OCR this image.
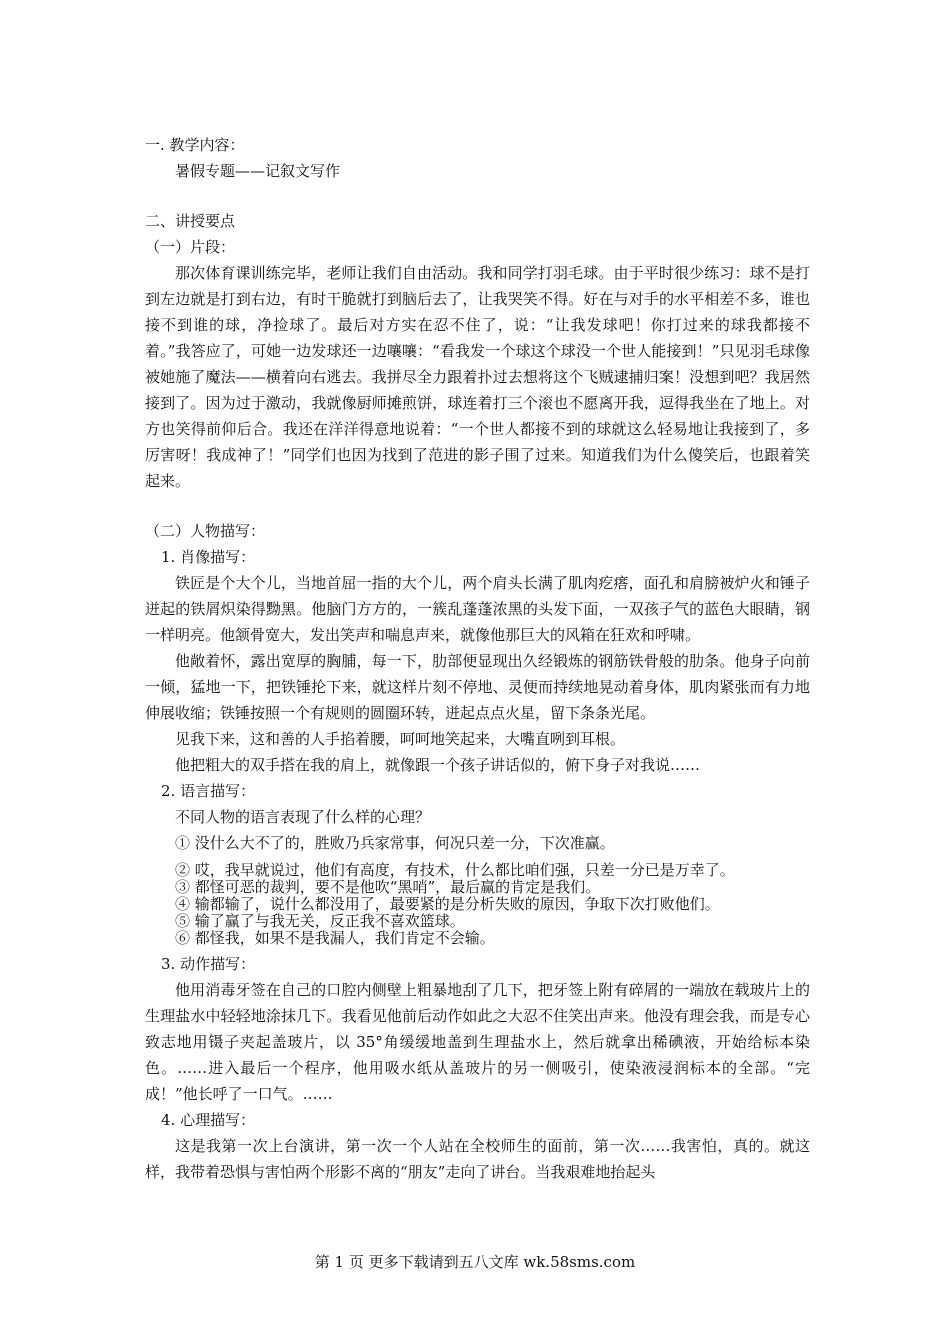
一. 教学内容：
暑假专题——记叙文写作
二、讲授要点
（一）片段：
那次体育课训练完毕，老师让我们自由活动。我和同学打羽毛球。由于平时很少练习：球不是打到左边就是打到右边，有时干脆就打到脑后去了，让我哭笑不得。好在与对手的水平相差不多，谁也接不到谁的球，净捡球了。最后对方实在忍不住了，说：“让我发球吧！你打过来的球我都接不着。”我答应了，可她一边发球还一边嚷嚷：“看我发一个球这个球没一个世人能接到！”只见羽毛球像被她施了魔法——横着向右逃去。我拼尽全力跟着扑过去想将这个飞贼逮捕归案！没想到吧？我居然接到了。因为过于激动，我就像厨师摊煎饼，球连着打三个滚也不愿离开我，逗得我坐在了地上。对方也笑得前仰后合。我还在洋洋得意地说着：“一个世人都接不到的球就这么轻易地让我接到了，多厉害呀！我成神了！”同学们也因为找到了范进的影子围了过来。知道我们为什么傻笑后，也跟着笑起来。
（二）人物描写：
1. 肖像描写：
铁匠是个大个儿，当地首屈一指的大个儿，两个肩头长满了肌肉疙瘩，面孔和肩膀被炉火和锤子迸起的铁屑炽染得黝黑。他脑门方方的，一簇乱蓬蓬浓黑的头发下面，一双孩子气的蓝色大眼睛，钢一样明亮。他颔骨宽大，发出笑声和喘息声来，就像他那巨大的风箱在狂欢和呼啸。
他敞着怀，露出宽厚的胸脯，每一下，肋部便显现出久经锻炼的钢筋铁骨般的肋条。他身子向前一倾，猛地一下，把铁锤抡下来，就这样片刻不停地、灵便而持续地晃动着身体，肌肉紧张而有力地伸展收缩；铁锤按照一个有规则的圆圈环转，迸起点点火星，留下条条光尾。
见我下来，这和善的人手掐着腰，呵呵地笑起来，大嘴直咧到耳根。
他把粗大的双手搭在我的肩上，就像跟一个孩子讲话似的，俯下身子对我说……
2. 语言描写：
不同人物的语言表现了什么样的心理？
① 没什么大不了的，胜败乃兵家常事，何况只差一分，下次准赢。
② 哎，我早就说过，他们有高度，有技术，什么都比咱们强，只差一分已是万幸了。
③ 都怪可恶的裁判，要不是他吹“黑哨”，最后赢的肯定是我们。
④ 输都输了，说什么都没用了，最要紧的是分析失败的原因，争取下次打败他们。
⑤ 输了赢了与我无关，反正我不喜欢篮球。
⑥ 都怪我，如果不是我漏人，我们肯定不会输。
3. 动作描写：
他用消毒牙签在自己的口腔内侧壁上粗暴地刮了几下，把牙签上附有碎屑的一端放在载玻片上的生理盐水中轻轻地涂抹几下。我看见他前后动作如此之大忍不住笑出声来。他没有理会我，而是专心致志地用镊子夹起盖玻片，以 35°角缓缓地盖到生理盐水上，然后就拿出稀碘液，开始给标本染色。……进入最后一个程序，他用吸水纸从盖玻片的另一侧吸引，使染液浸润标本的全部。“完成！”他长呼了一口气。……
4. 心理描写：
这是我第一次上台演讲，第一次一个人站在全校师生的面前，第一次……我害怕，真的。就这样，我带着恐惧与害怕两个形影不离的“朋友”走向了讲台。当我艰难地抬起头
第 1 页 更多下载请到五八文库 wk.58sms.com
